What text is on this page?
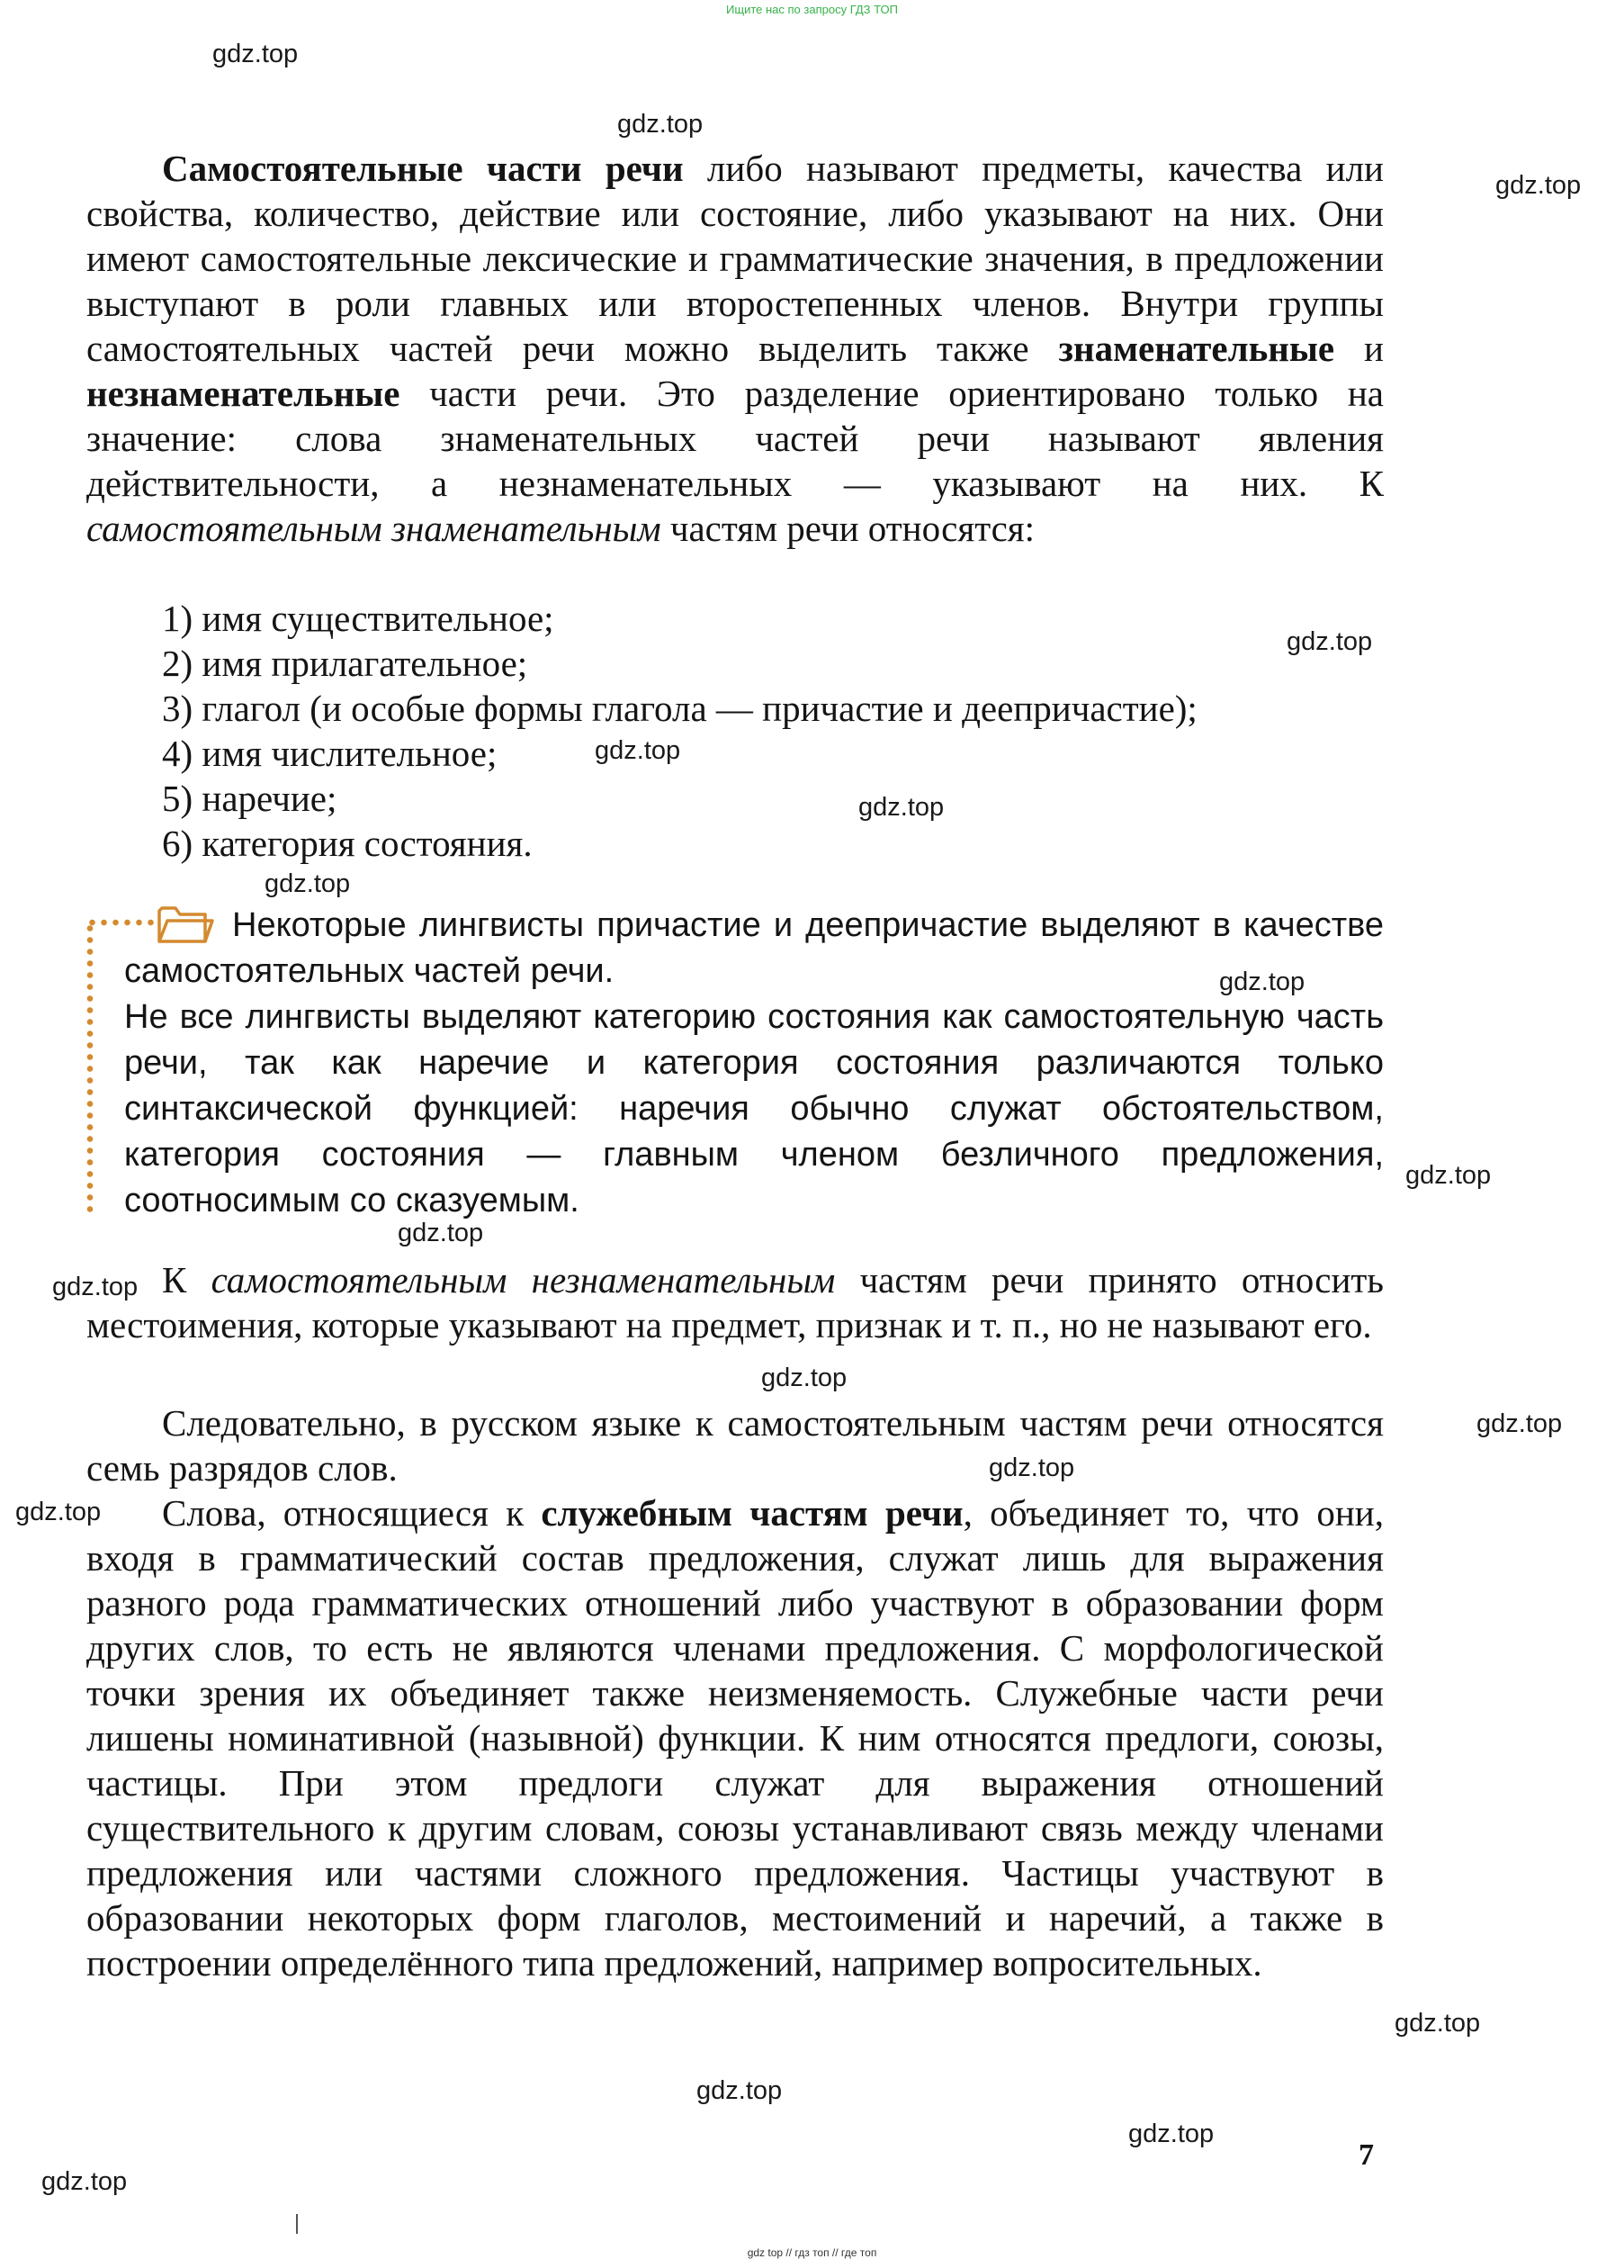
Ищите нас по запросу ГДЗ ТОП

Самостоятельные части речи либо называют предметы, качества или свойства, количество, действие или состояние, либо указывают на них. Они имеют самостоятельные лексические и грамматические значения, в предложении выступают в роли главных или второстепенных членов. Внутри группы самостоятельных частей речи можно выделить также знаменательные и незнаменательные части речи. Это разделение ориентировано только на значение: слова знаменательных частей речи называют явления действительности, а незнаменательных — указывают на них. К самостоятельным знаменательным частям речи относятся:

1) имя существительное;
2) имя прилагательное;
3) глагол (и особые формы глагола — причастие и деепричастие);
4) имя числительное;
5) наречие;
6) категория состояния.

Некоторые лингвисты причастие и деепричастие выделяют в качестве самостоятельных частей речи.

Не все лингвисты выделяют категорию состояния как самостоятельную часть речи, так как наречие и категория состояния различаются только синтаксической функцией: наречия обычно служат обстоятельством, категория состояния — главным членом безличного предложения, соотносимым со сказуемым.

К самостоятельным незнаменательным частям речи принято относить местоимения, которые указывают на предмет, признак и т. п., но не называют его.

Следовательно, в русском языке к самостоятельным частям речи относятся семь разрядов слов.

Слова, относящиеся к служебным частям речи, объединяет то, что они, входя в грамматический состав предложения, служат лишь для выражения разного рода грамматических отношений либо участвуют в образовании форм других слов, то есть не являются членами предложения. С морфологической точки зрения их объединяет также неизменяемость. Служебные части речи лишены номинативной (назывной) функции. К ним относятся предлоги, союзы, частицы. При этом предлоги служат для выражения отношений существительного к другим словам, союзы устанавливают связь между членами предложения или частями сложного предложения. Частицы участвуют в образовании некоторых форм глаголов, местоимений и наречий, а также в построении определённого типа предложений, например вопросительных.

7
gdz.top
gdz.top
gdz.top
gdz.top
gdz.top
gdz.top
gdz.top
gdz.top
gdz.top
gdz.top
gdz.top
gdz.top
gdz.top
gdz.top
gdz.top
gdz.top
gdz.top
gdz.top
gdz.top
gdz top // гдз топ // где топ
